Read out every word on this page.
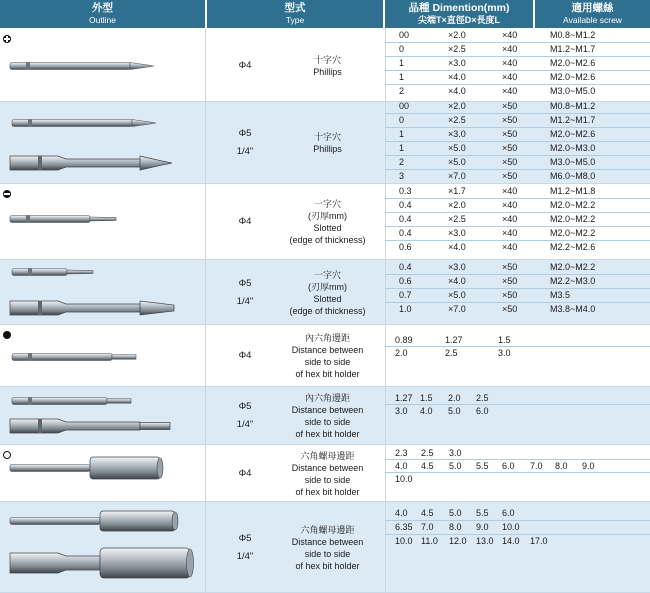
外型
Outline
型式
Type
品種 Dimention(mm)
尖端T×直徑D×長度L
適用螺絲
Available screw
Φ4	十字穴
Phillips
00	×2.0	×40	M0.8~M1.2
0	×2.5	×40	M1.2~M1.7
1	×3.0	×40	M2.0~M2.6
1	×4.0	×40	M2.0~M2.6
2	×4.0	×40	M3.0~M5.0
Φ5
1/4"
十字穴
Phillips
00	×2.0	×50	M0.8~M1.2
0	×2.5	×50	M1.2~M1.7
1	×3.0	×50	M2.0~M2.6
1	×5.0	×50	M2.0~M3.0
2	×5.0	×50	M3.0~M5.0
3	×7.0	×50	M6.0~M8.0
Φ4
一字穴
(刃厚mm)
Slotted
(edge of thickness)
0.3	×1.7	×40	M1.2~M1.8
0.4	×2.0	×40	M2.0~M2.2
0.4	×2.5	×40	M2.0~M2.2
0.4	×3.0	×40	M2.0~M2.2
0.6	×4.0	×40	M2.2~M2.6
Φ5
1/4"
一字穴
(刃厚mm)
Slotted
(edge of thickness)
0.4	×3.0	×50	M2.0~M2.2
0.6	×4.0	×50	M2.2~M3.0
0.7	×5.0	×50	M3.5
1.0	×7.0	×50	M3.8~M4.0
Φ4
內六角邊距
Distance between
side to side
of hex bit holder
0.89	1.27	1.5
2.0	2.5	3.0
Φ5
1/4"
內六角邊距
Distance between
side to side
of hex bit holder
1.27 1.5 2.0 2.5
3.0 4.0 5.0 6.0
Φ4
六角螺母邊距
Distance between
side to side
of hex bit holder
2.3 2.5 3.0
4.0 4.5 5.0 5.5 6.0 7.0 8.0 9.0
10.0
Φ5
1/4"
六角螺母邊距
Distance between
side to side
of hex bit holder
4.0 4.5 5.0 5.5 6.0
6.35 7.0 8.0 9.0 10.0
10.0 11.0 12.0 13.0 14.0 17.0
